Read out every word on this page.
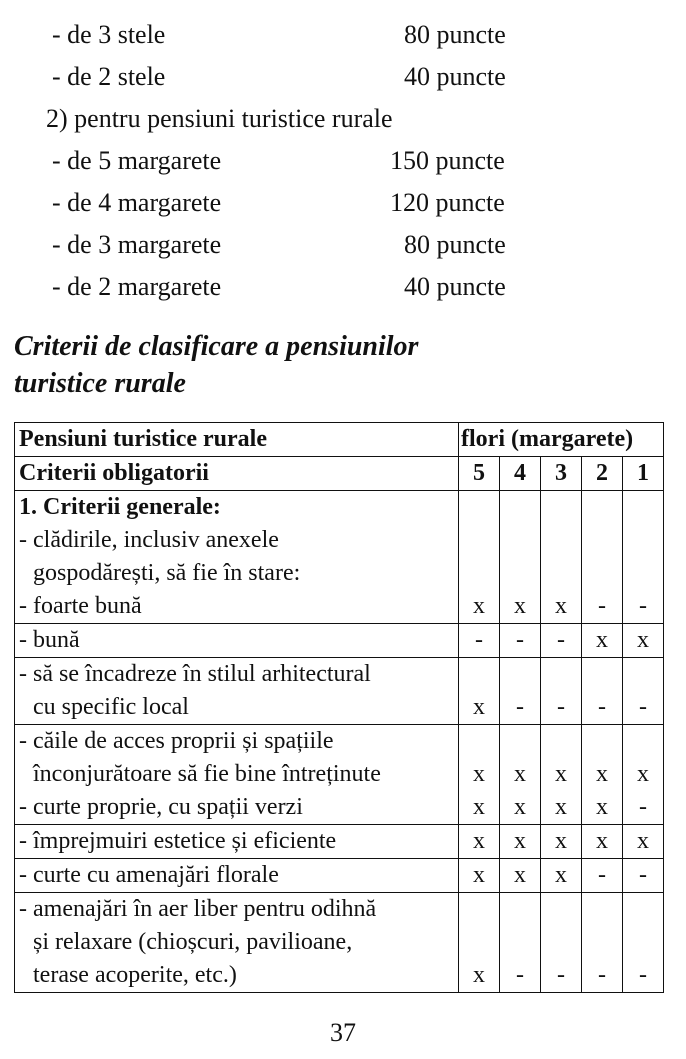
- de 3 stele	80 puncte
- de 2 stele	40 puncte
2) pentru pensiuni turistice rurale
- de 5 margarete	150 puncte
- de 4 margarete	120 puncte
- de 3 margarete	80 puncte
- de 2 margarete	40 puncte
Criterii de clasificare a pensiunilor
turistice rurale
Pensiuni turistice rurale	flori (margarete)				
Criterii obligatorii	5	4	3	2	1

1. Criterii generale:					

- clădirile, inclusiv anexele
gospodărești, să fie în stare:					

- foarte bună	x	x	x	-	-

- bună	-	-	-	x	x

- să se încadreze în stilul arhitectural
cu specific local	x	-	-	-	-

- căile de acces proprii și spațiile
înconjurătoare să fie bine întreținute	x	x	x	x	x

- curte proprie, cu spații verzi	x	x	x	x	-

- împrejmuiri estetice și eficiente	x	x	x	x	x

- curte cu amenajări florale	x	x	x	-	-

- amenajări în aer liber pentru odihnă
și relaxare (chioșcuri, pavilioane,
terase acoperite, etc.)	x	-	-	-	-
37
